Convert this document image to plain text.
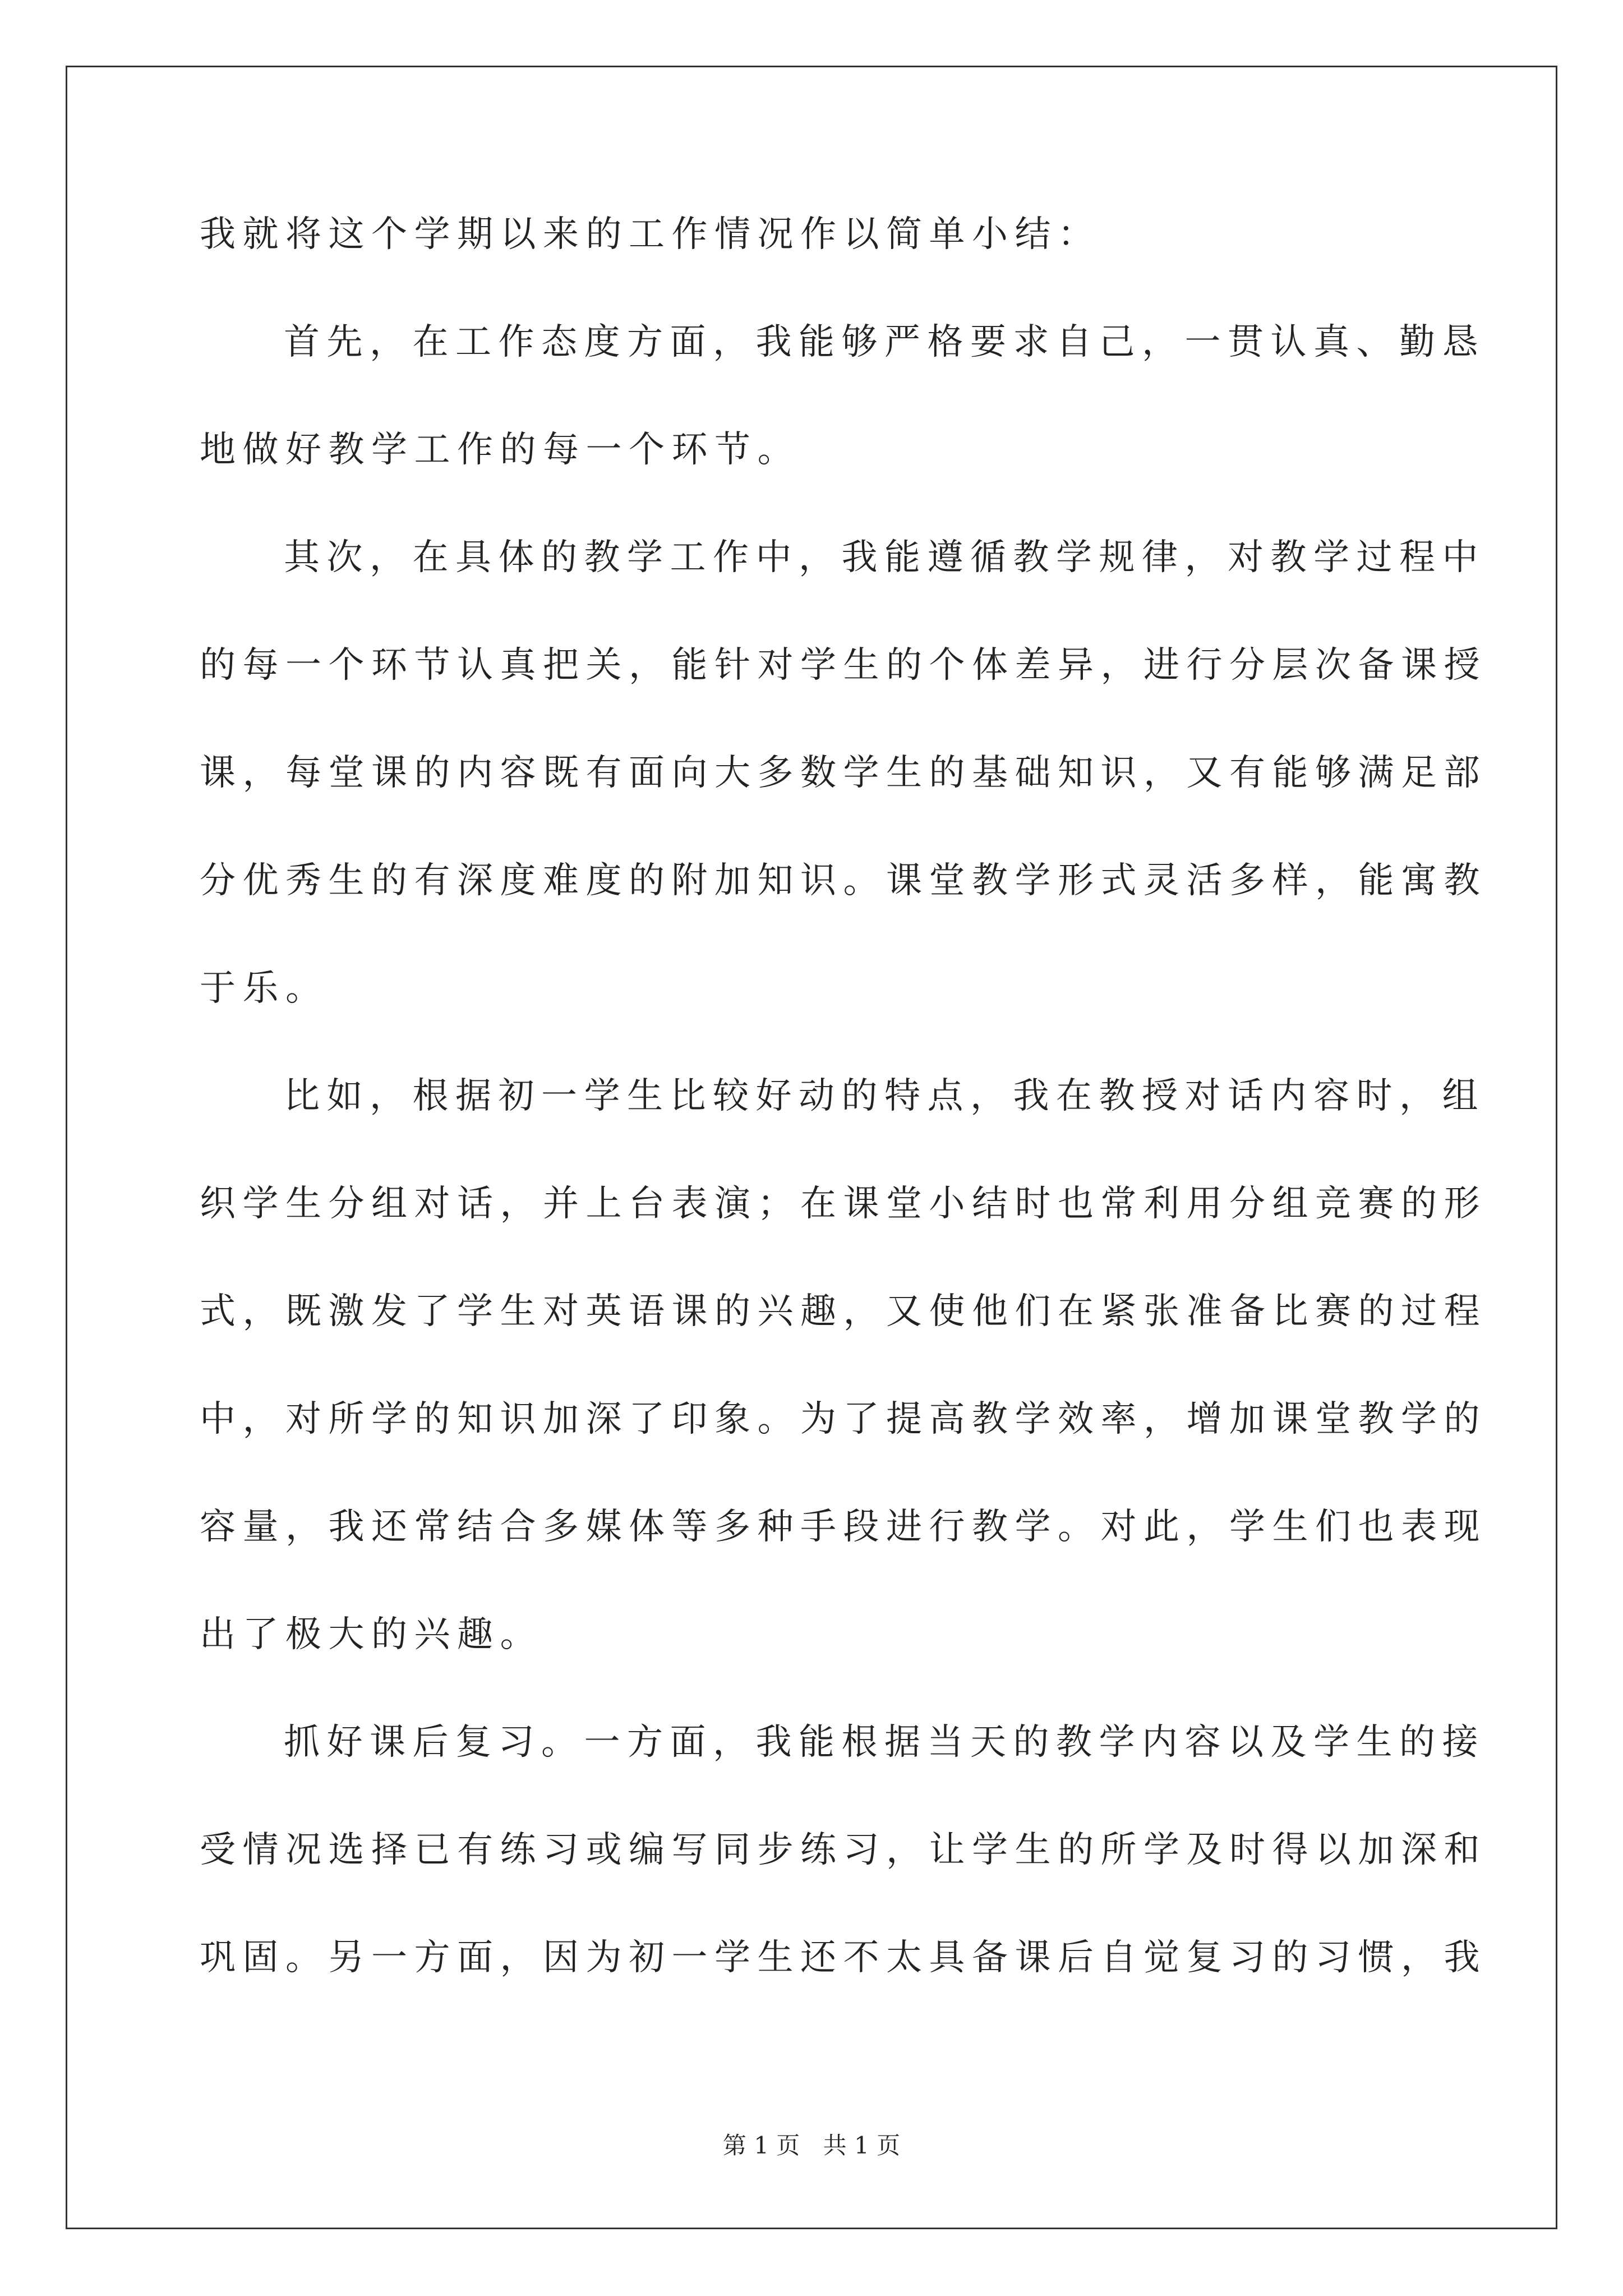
我就将这个学期以来的工作情况作以简单小结：
首先，在工作态度方面，我能够严格要求自己，一贯认真、勤恳
地做好教学工作的每一个环节。
其次，在具体的教学工作中，我能遵循教学规律，对教学过程中
的每一个环节认真把关，能针对学生的个体差异，进行分层次备课授
课，每堂课的内容既有面向大多数学生的基础知识，又有能够满足部
分优秀生的有深度难度的附加知识。课堂教学形式灵活多样，能寓教
于乐。
比如，根据初一学生比较好动的特点，我在教授对话内容时，组
织学生分组对话，并上台表演；在课堂小结时也常利用分组竞赛的形
式，既激发了学生对英语课的兴趣，又使他们在紧张准备比赛的过程
中，对所学的知识加深了印象。为了提高教学效率，增加课堂教学的
容量，我还常结合多媒体等多种手段进行教学。对此，学生们也表现
出了极大的兴趣。
抓好课后复习。一方面，我能根据当天的教学内容以及学生的接
受情况选择已有练习或编写同步练习，让学生的所学及时得以加深和
巩固。另一方面，因为初一学生还不太具备课后自觉复习的习惯，我
第 1 页 共 1 页
